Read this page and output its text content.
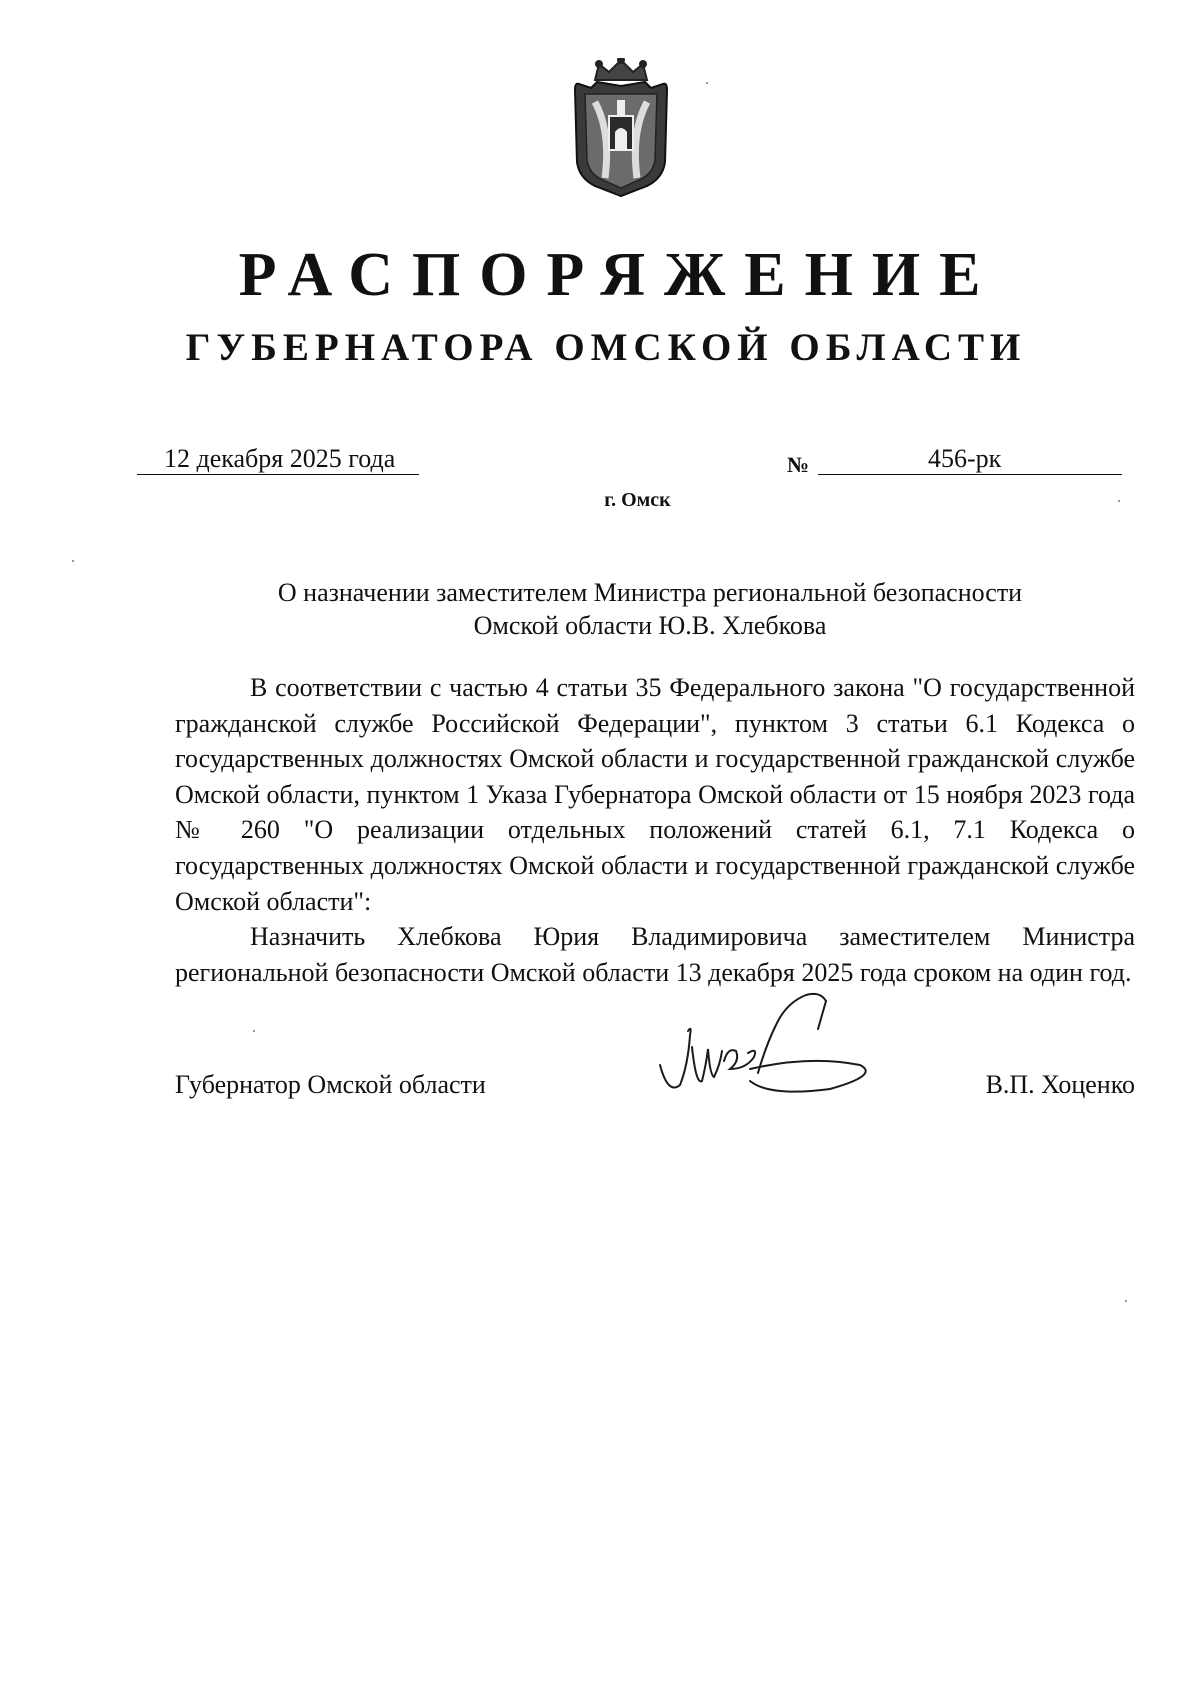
РАСПОРЯЖЕНИЕ
ГУБЕРНАТОРА ОМСКОЙ ОБЛАСТИ
12 декабря 2025 года	№	456-рк
г. Омск

О назначении заместителем Министра региональной безопасности
Омской области Ю.В. Хлебкова

В соответствии с частью 4 статьи 35 Федерального закона "О государственной гражданской службе Российской Федерации", пунктом 3 статьи 6.1 Кодекса о государственных должностях Омской области и государственной гражданской службе Омской области, пунктом 1 Указа Губернатора Омской области от 15 ноября 2023 года № 260 "О реализации отдельных положений статей 6.1, 7.1 Кодекса о государственных должностях Омской области и государственной гражданской службе Омской области":

Назначить Хлебкова Юрия Владимировича заместителем Министра региональной безопасности Омской области 13 декабря 2025 года сроком на один год.

Губернатор Омской области	В.П. Хоценко
